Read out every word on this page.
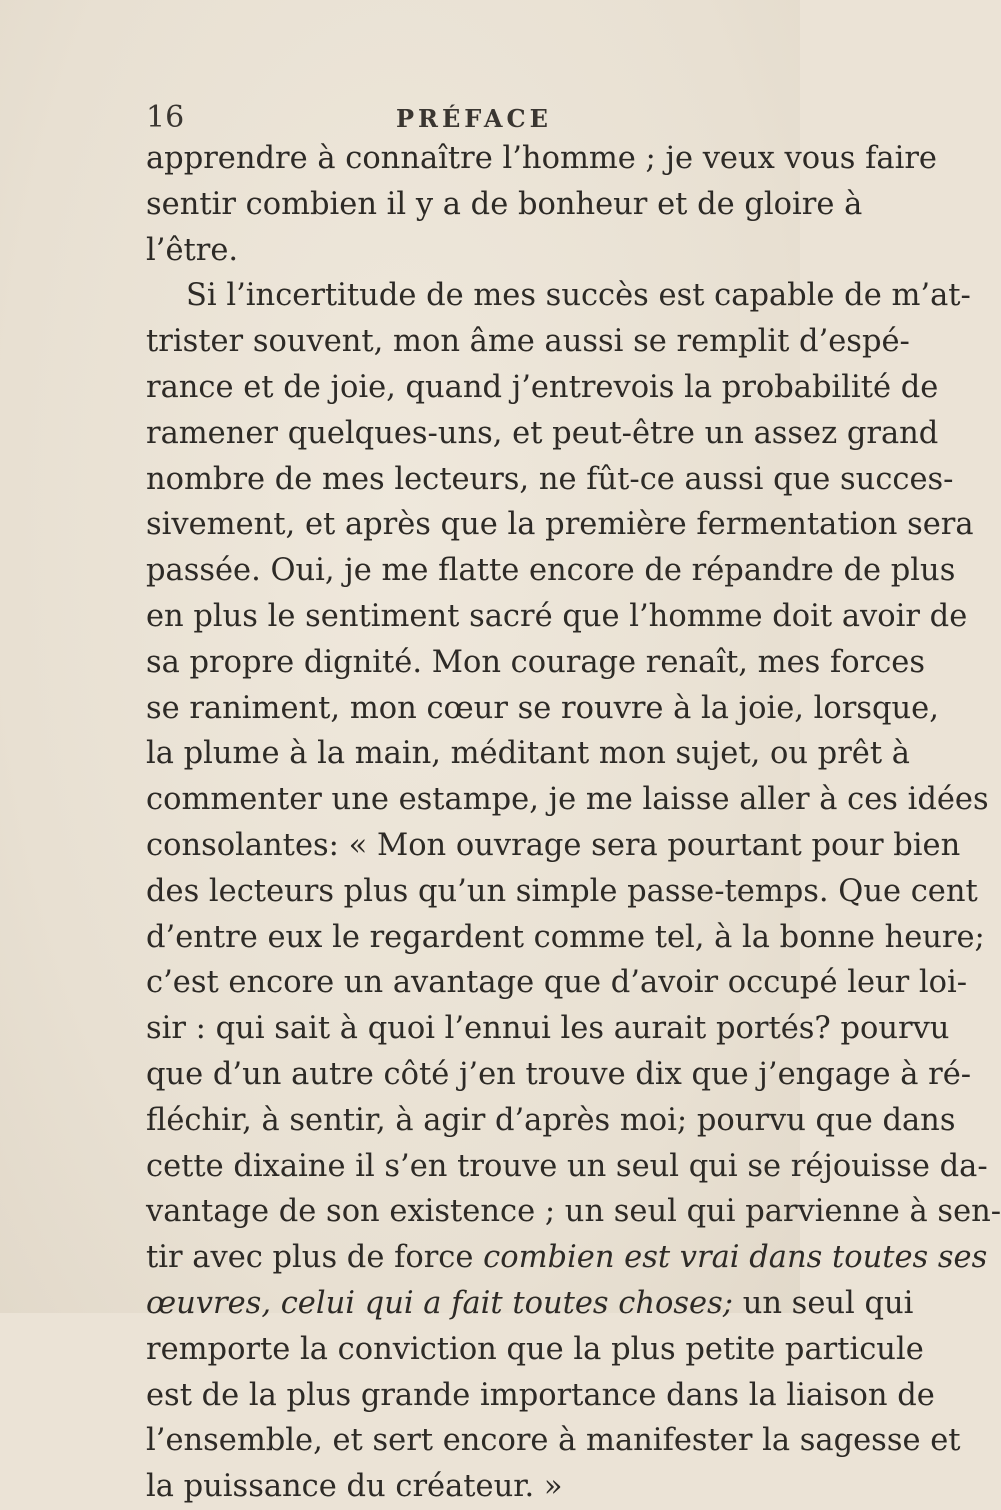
16	PRÉFACE
apprendre à connaître l’homme ; je veux vous faire
sentir combien il y a de bonheur et de gloire à
l’être.
Si l’incertitude de mes succès est capable de m’at-
trister souvent, mon âme aussi se remplit d’espé-
rance et de joie, quand j’entrevois la probabilité de
ramener quelques-uns, et peut-être un assez grand
nombre de mes lecteurs, ne fût-ce aussi que succes-
sivement, et après que la première fermentation sera
passée. Oui, je me flatte encore de répandre de plus
en plus le sentiment sacré que l’homme doit avoir de
sa propre dignité. Mon courage renaît, mes forces
se raniment, mon cœur se rouvre à la joie, lorsque,
la plume à la main, méditant mon sujet, ou prêt à
commenter une estampe, je me laisse aller à ces idées
consolantes: « Mon ouvrage sera pourtant pour bien
des lecteurs plus qu’un simple passe-temps. Que cent
d’entre eux le regardent comme tel, à la bonne heure;
c’est encore un avantage que d’avoir occupé leur loi-
sir : qui sait à quoi l’ennui les aurait portés? pourvu
que d’un autre côté j’en trouve dix que j’engage à ré-
fléchir, à sentir, à agir d’après moi; pourvu que dans
cette dixaine il s’en trouve un seul qui se réjouisse da-
vantage de son existence ; un seul qui parvienne à sen-
tir avec plus de force combien est vrai dans toutes ses
œuvres, celui qui a fait toutes choses; un seul qui
remporte la conviction que la plus petite particule
est de la plus grande importance dans la liaison de
l’ensemble, et sert encore à manifester la sagesse et
la puissance du créateur. »
